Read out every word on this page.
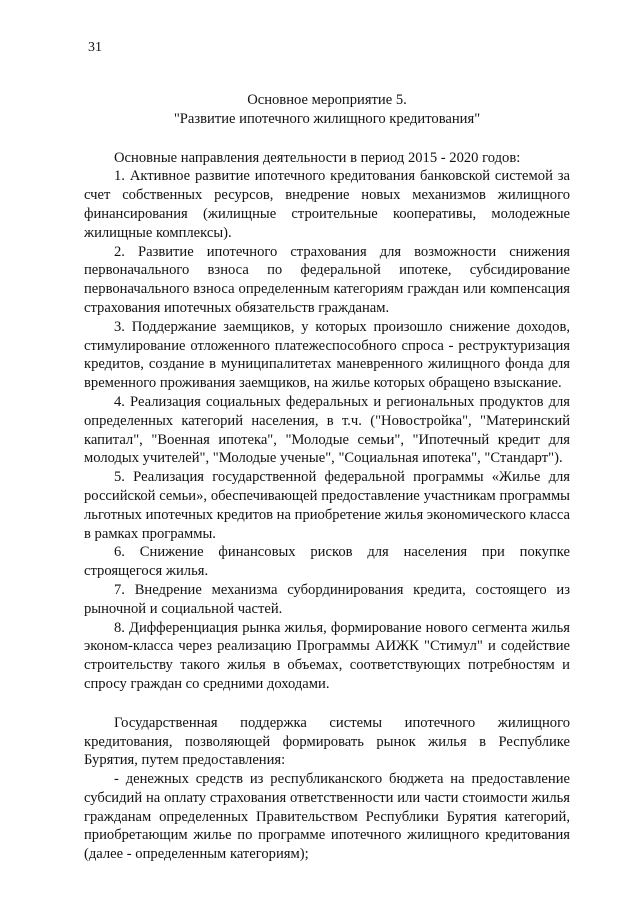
31
Основное мероприятие 5.
"Развитие ипотечного жилищного кредитования"
Основные направления деятельности в период 2015 - 2020 годов:

1. Активное развитие ипотечного кредитования банковской системой за счет собственных ресурсов, внедрение новых механизмов жилищного финансирования (жилищные строительные кооперативы, молодежные жилищные комплексы).

2. Развитие ипотечного страхования для возможности снижения первоначального взноса по федеральной ипотеке, субсидирование первоначального взноса определенным категориям граждан или компенсация страхования ипотечных обязательств гражданам.

3. Поддержание заемщиков, у которых произошло снижение доходов, стимулирование отложенного платежеспособного спроса - реструктуризация кредитов, создание в муниципалитетах маневренного жилищного фонда для временного проживания заемщиков, на жилье которых обращено взыскание.

4. Реализация социальных федеральных и региональных продуктов для определенных категорий населения, в т.ч. ("Новостройка", "Материнский капитал", "Военная ипотека", "Молодые семьи", "Ипотечный кредит для молодых учителей", "Молодые ученые", "Социальная ипотека", "Стандарт").

5. Реализация государственной федеральной программы «Жилье для российской семьи», обеспечивающей предоставление участникам программы льготных ипотечных кредитов на приобретение жилья экономического класса в рамках программы.

6. Снижение финансовых рисков для населения при покупке строящегося жилья.

7. Внедрение механизма субординирования кредита, состоящего из рыночной и социальной частей.

8. Дифференциация рынка жилья, формирование нового сегмента жилья эконом-класса через реализацию Программы АИЖК "Стимул" и содействие строительству такого жилья в объемах, соответствующих потребностям и спросу граждан со средними доходами.

Государственная поддержка системы ипотечного жилищного кредитования, позволяющей формировать рынок жилья в Республике Бурятия, путем предоставления:

- денежных средств из республиканского бюджета на предоставление субсидий на оплату страхования ответственности или части стоимости жилья гражданам определенных Правительством Республики Бурятия категорий, приобретающим жилье по программе ипотечного жилищного кредитования (далее - определенным категориям);
